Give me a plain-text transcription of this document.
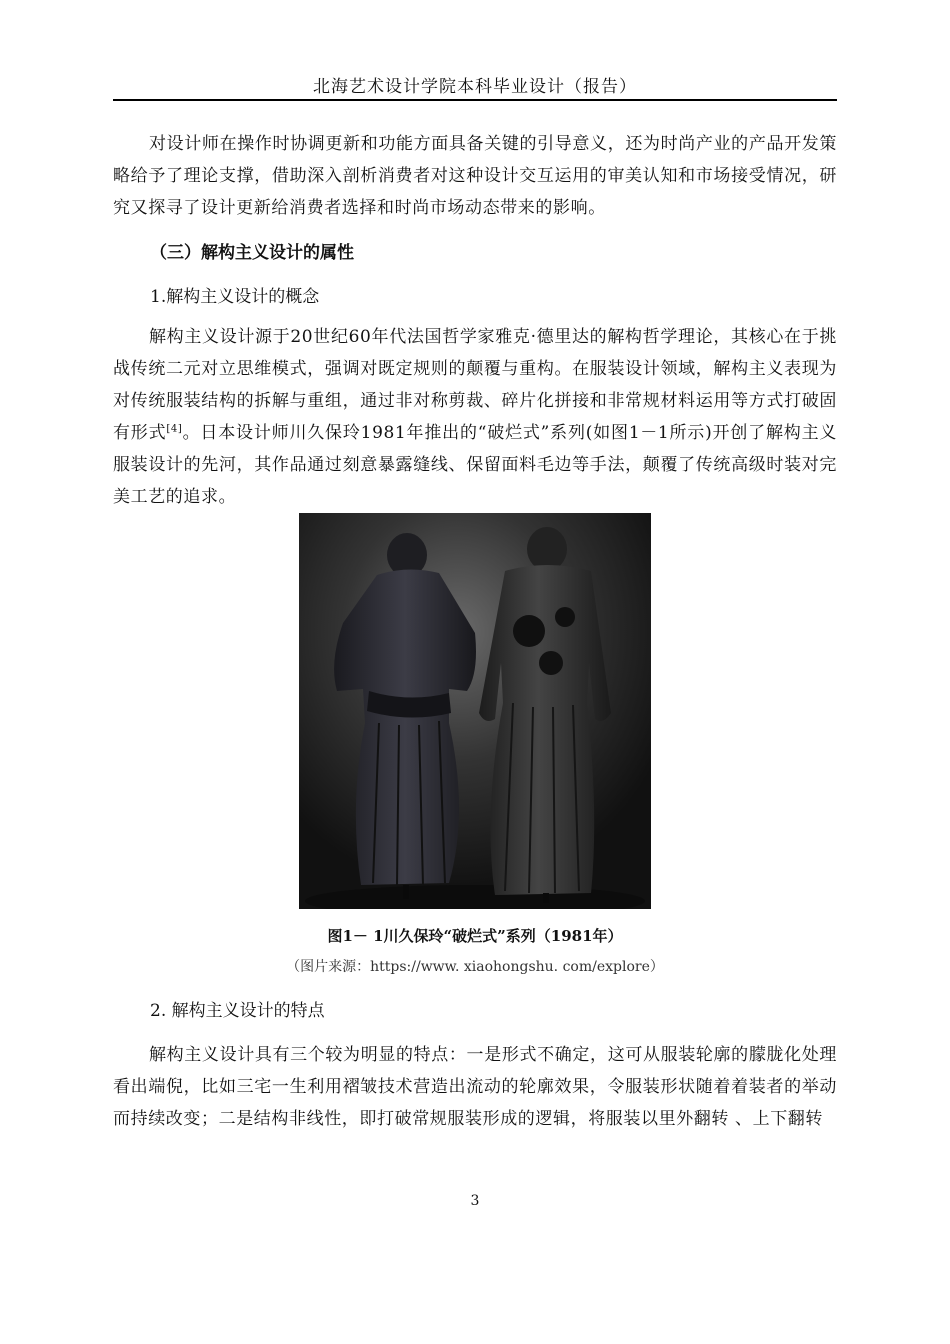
北海艺术设计学院本科毕业设计（报告）

对设计师在操作时协调更新和功能方面具备关键的引导意义，还为时尚产业的产品开发策略给予了理论支撑，借助深入剖析消费者对这种设计交互运用的审美认知和市场接受情况，研究又探寻了设计更新给消费者选择和时尚市场动态带来的影响。

（三）解构主义设计的属性

1.解构主义设计的概念

解构主义设计源于20世纪60年代法国哲学家雅克·德里达的解构哲学理论，其核心在于挑战传统二元对立思维模式，强调对既定规则的颠覆与重构。在服装设计领域，解构主义表现为对传统服装结构的拆解与重组，通过非对称剪裁、碎片化拼接和非常规材料运用等方式打破固有形式[4]。日本设计师川久保玲1981年推出的“破烂式”系列(如图1－1所示)开创了解构主义服装设计的先河，其作品通过刻意暴露缝线、保留面料毛边等手法，颠覆了传统高级时装对完美工艺的追求。

图1－ 1川久保玲“破烂式”系列（1981年）
（图片来源：https://www. xiaohongshu. com/explore）

2. 解构主义设计的特点

解构主义设计具有三个较为明显的特点：一是形式不确定，这可从服装轮廓的朦胧化处理看出端倪，比如三宅一生利用褶皱技术营造出流动的轮廓效果，令服装形状随着着装者的举动而持续改变；二是结构非线性，即打破常规服装形成的逻辑，将服装以里外翻转 、上下翻转

3
